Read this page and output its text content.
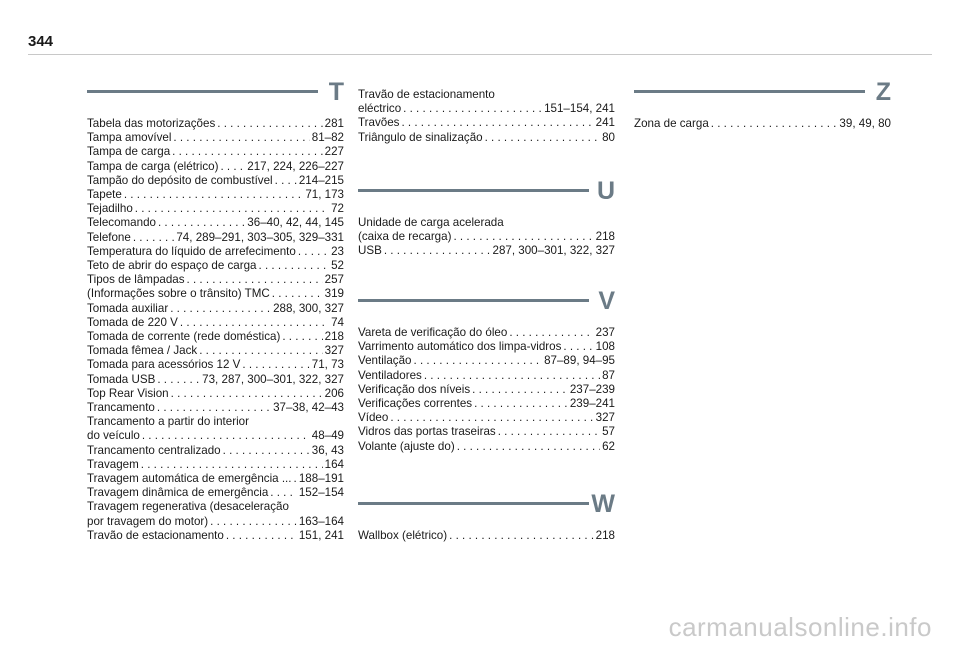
344
T
Tabela das motorizações . . .	281
Tampa amovível . . .	81–82
Tampa de carga . . .	227
Tampa de carga (elétrico) . . . 217, 224, 226–227
Tampão do depósito de combustível . . . 214–215
Tapete . . .	71, 173
Tejadilho . . .	72
Telecomando . . .	36–40, 42, 44, 145
Telefone . . .	74, 289–291, 303–305, 329–331
Temperatura do líquido de arrefecimento . . .	23
Teto de abrir do espaço de carga . . .	52
Tipos de lâmpadas . . .	257
(Informações sobre o trânsito) TMC . . .	319
Tomada auxiliar . . .	288, 300, 327
Tomada de 220 V . . .	74
Tomada de corrente (rede doméstica) . . .	218
Tomada fêmea / Jack . . .	327
Tomada para acessórios 12 V . . .	71, 73
Tomada USB . . .	73, 287, 300–301, 322, 327
Top Rear Vision . . .	206
Trancamento . . .	37–38, 42–43
Trancamento a partir do interior
do veículo . . .	48–49
Trancamento centralizado . . .	36, 43
Travagem . . .	164
Travagem automática de emergência ... . . . 188–191
Travagem dinâmica de emergência . . .	152–154
Travagem regenerativa (desaceleração
por travagem do motor) . . .	163–164
Travão de estacionamento . . .	151, 241
Travão de estacionamento
eléctrico . . .	151–154, 241
Travões . . .	241
Triângulo de sinalização . . .	80
U
Unidade de carga acelerada
(caixa de recarga) . . .	218
USB . . .	287, 300–301, 322, 327
V
Vareta de verificação do óleo . . .	237
Varrimento automático dos limpa-vidros . . .	108
Ventilação . . .	87–89, 94–95
Ventiladores . . .	87
Verificação dos níveis . . .	237–239
Verificações correntes . . .	239–241
Vídeo . . .	327
Vidros das portas traseiras . . .	57
Volante (ajuste do) . . .	62
W
Wallbox (elétrico) . . .	218
Z
Zona de carga . . .	39, 49, 80
carmanualsonline.info
